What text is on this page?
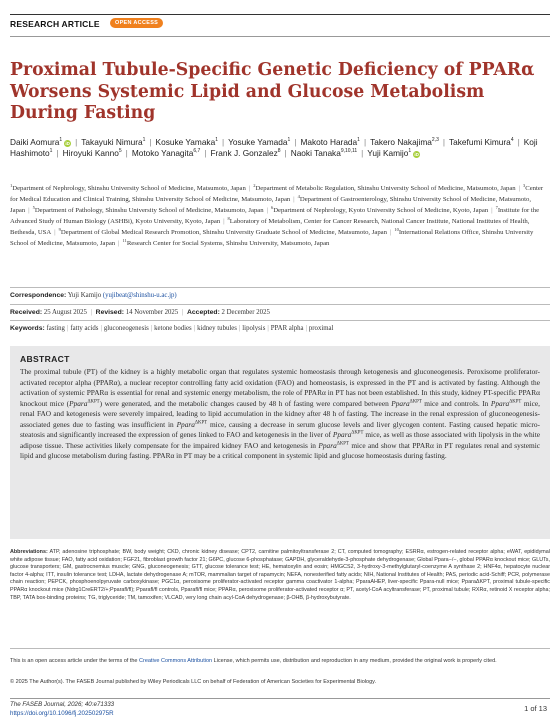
RESEARCH ARTICLE	OPEN ACCESS
Proximal Tubule-Specific Genetic Deficiency of PPARα Worsens Systemic Lipid and Glucose Metabolism During Fasting
Daiki Aomura$^1$iD | Takayuki Nimura$^1$ | Kosuke Yamaka$^1$ | Yosuke Yamada$^1$ | Makoto Harada$^1$ | Takero Nakajima$^{2,3}$ | Takefumi Kimura$^4$ | Koji Hashimoto$^1$ | Hiroyuki Kanno$^5$ | Motoko Yanagita$^{6,7}$ | Frank J. Gonzalez$^8$ | Naoki Tanaka$^{9,10,11}$ | Yuji Kamijo$^1$iD
$^1$Department of Nephrology, Shinshu University School of Medicine, Matsumoto, Japan | $^2$Department of Metabolic Regulation, Shinshu University School of Medicine, Matsumoto, Japan | $^3$Center for Medical Education and Clinical Training, Shinshu University School of Medicine, Matsumoto, Japan | $^4$Department of Gastroenterology, Shinshu University School of Medicine, Matsumoto, Japan | $^5$Department of Pathology, Shinshu University School of Medicine, Matsumoto, Japan | $^6$Department of Nephrology, Kyoto University School of Medicine, Kyoto, Japan | $^7$Institute for the Advanced Study of Human Biology (ASHBi), Kyoto University, Kyoto, Japan | $^8$Laboratory of Metabolism, Center for Cancer Research, National Cancer Institute, National Institutes of Health, Bethesda, USA | $^9$Department of Global Medical Research Promotion, Shinshu University Graduate School of Medicine, Matsumoto, Japan | $^{10}$International Relations Office, Shinshu University School of Medicine, Matsumoto, Japan | $^{11}$Research Center for Social Systems, Shinshu University, Matsumoto, Japan
Correspondence: Yuji Kamijo (yujibeat@shinshu-u.ac.jp)
Received: 25 August 2025 | Revised: 14 November 2025 | Accepted: 2 December 2025
Keywords: fasting | fatty acids | gluconeogenesis | ketone bodies | kidney tubules | lipolysis | PPAR alpha | proximal
ABSTRACT
The proximal tubule (PT) of the kidney is a highly metabolic organ that regulates systemic homeostasis through ketogenesis and gluconeogenesis. Peroxisome proliferator-activated receptor alpha (PPARα), a nuclear receptor controlling fatty acid oxidation (FAO) and homeostasis, is expressed in the PT and is activated by fasting. Although the activation of systemic PPARα is essential for renal and systemic energy metabolism, the role of PPARα in PT has not been established. In this study, kidney PT-specific PPARα knockout mice (Ppara$^{\Delta KPT}$) were generated, and the metabolic changes caused by 48 h of fasting were compared between Ppara$^{\Delta KPT}$ mice and controls. In Ppara$^{\Delta KPT}$ mice, renal FAO and ketogenesis were severely impaired, leading to lipid accumulation in the kidney after 48 h of fasting. The increase in the renal expression of gluconeogenesis-associated genes due to fasting was insufficient in Ppara$^{\Delta KPT}$ mice, causing a decrease in serum glucose levels and liver glycogen content. Fasting caused hepatic micro-steatosis and significantly increased the expression of genes linked to FAO and ketogenesis in the liver of Ppara$^{\Delta KPT}$ mice, as well as those associated with lipolysis in the white adipose tissue. These activities likely compensate for the impaired kidney FAO and ketogenesis in Ppara$^{\Delta KPT}$ mice and show that PPARα in PT regulates renal and systemic lipid and glucose metabolism during fasting. PPARα in PT may be a critical component in systemic lipid and glucose homeostasis during fasting.
Abbreviations: ATP, adenosine triphosphate; BW, body weight; CKD, chronic kidney disease; CPT2, carnitine palmitoyltransferase 2; CT, computed tomography; ESRRα, estrogen-related receptor alpha; eWAT, epididymal white adipose tissue; FAO, fatty acid oxidation; FGF21, fibroblast growth factor 21; G6PC, glucose 6-phosphatase; GAPDH, glyceraldehyde-3-phosphate dehydrogenase; Global Ppara−/−, global PPARα knockout mice; GLUTs, glucose transporters; GM, gastrocnemius muscle; GNG, gluconeogenesis; GTT, glucose tolerance test; HE, hematoxylin and eosin; HMGCS2, 3-hydroxy-3-methylglutaryl-coenzyme A synthase 2; HNF4α, hepatocyte nuclear factor 4-alpha; ITT, insulin tolerance test; LDHA, lactate dehydrogenase A; mTOR, mammalian target of rapamycin; NEFA, nonesterified fatty acids; NIH, National Institutes of Health; PAS, periodic acid-Schiff; PCR, polymerase chain reaction; PEPCK, phosphoenolpyruvate carboxykinase; PGC1α, peroxisome proliferator-activated receptor gamma coactivator 1-alpha; PparaAHEP, liver-specific Ppara-null mice; PparaΔKPT, proximal tubule-specific PPARα knockout mice (Ndrg1CreERT2/+;Pparafl/fl); Pparafl/fl controls, Pparafl/fl mice; PPARα, peroxisome proliferator-activated receptor α; PT, acetyl-CoA acyltransferase; PT, proximal tubule; RXRα, retinoid X receptor alpha; TBP, TATA box-binding proteins; TG, triglyceride; TM, tamoxifen; VLCAD, very long chain acyl-CoA dehydrogenase; β-OHB, β-hydroxybutyrate.
This is an open access article under the terms of the Creative Commons Attribution License, which permits use, distribution and reproduction in any medium, provided the original work is properly cited.
© 2025 The Author(s). The FASEB Journal published by Wiley Periodicals LLC on behalf of Federation of American Societies for Experimental Biology.
The FASEB Journal, 2026; 40:e71333
https://doi.org/10.1096/fj.202502975R	1 of 13
